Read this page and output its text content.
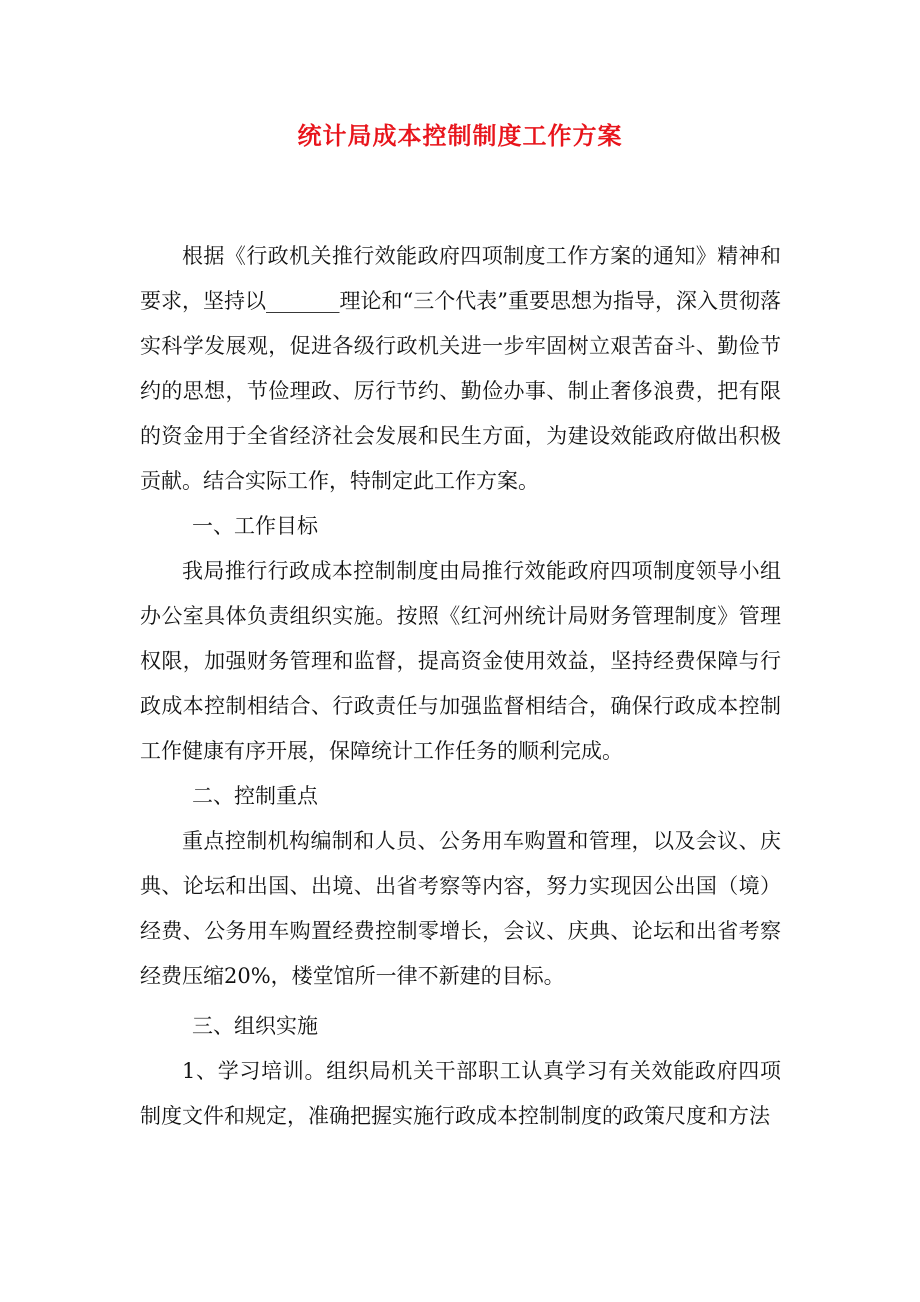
统计局成本控制制度工作方案

根据《行政机关推行效能政府四项制度工作方案的通知》精神和要求，坚持以_______理论和“三个代表”重要思想为指导，深入贯彻落实科学发展观，促进各级行政机关进一步牢固树立艰苦奋斗、勤俭节约的思想，节俭理政、厉行节约、勤俭办事、制止奢侈浪费，把有限的资金用于全省经济社会发展和民生方面，为建设效能政府做出积极贡献。结合实际工作，特制定此工作方案。

一、工作目标

我局推行行政成本控制制度由局推行效能政府四项制度领导小组办公室具体负责组织实施。按照《红河州统计局财务管理制度》管理权限，加强财务管理和监督，提高资金使用效益，坚持经费保障与行政成本控制相结合、行政责任与加强监督相结合，确保行政成本控制工作健康有序开展，保障统计工作任务的顺利完成。

二、控制重点

重点控制机构编制和人员、公务用车购置和管理，以及会议、庆典、论坛和出国、出境、出省考察等内容，努力实现因公出国（境）经费、公务用车购置经费控制零增长，会议、庆典、论坛和出省考察经费压缩20%，楼堂馆所一律不新建的目标。

三、组织实施

1、学习培训。组织局机关干部职工认真学习有关效能政府四项制度文件和规定，准确把握实施行政成本控制制度的政策尺度和方法
